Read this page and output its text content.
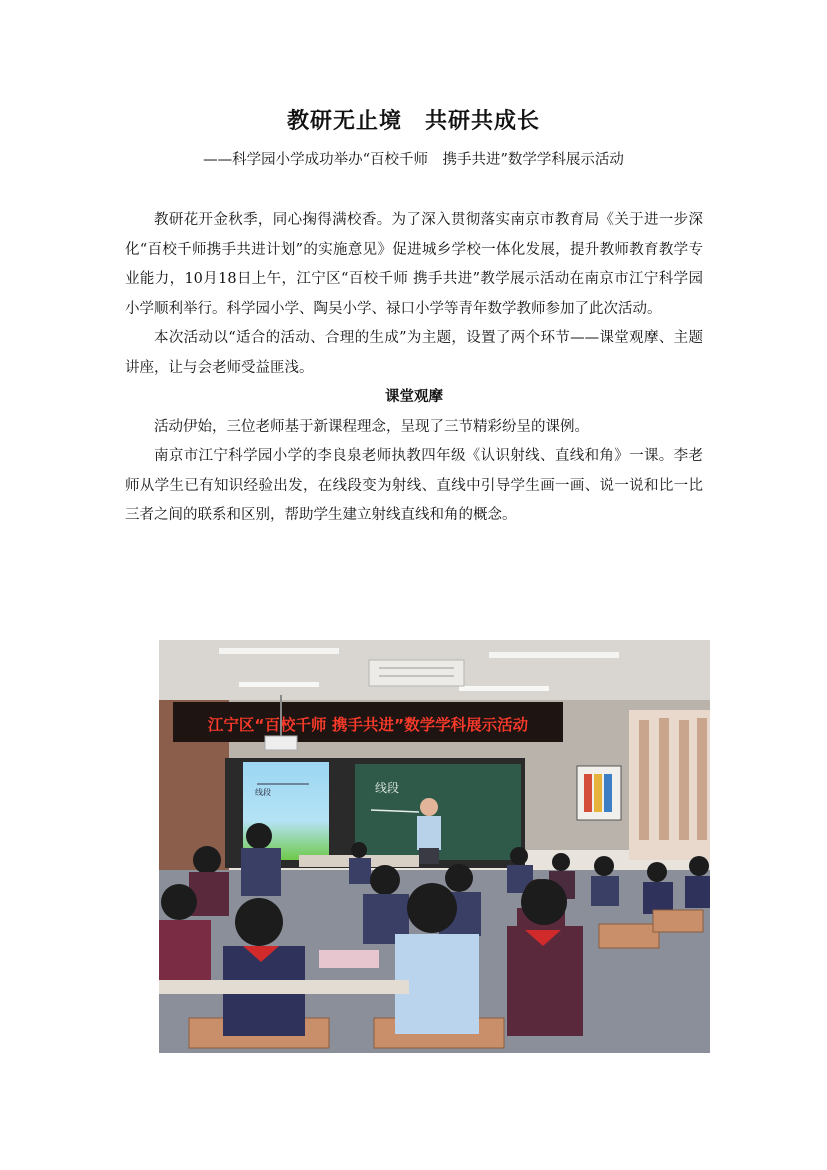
教研无止境　共研共成长
——科学园小学成功举办“百校千师　携手共进”数学学科展示活动

教研花开金秋季，同心掬得满校香。为了深入贯彻落实南京市教育局《关于进一步深化“百校千师携手共进计划”的实施意见》促进城乡学校一体化发展，提升教师教育教学专业能力，10月18日上午，江宁区“百校千师 携手共进”教学展示活动在南京市江宁科学园小学顺利举行。科学园小学、陶吴小学、禄口小学等青年数学教师参加了此次活动。

本次活动以“适合的活动、合理的生成”为主题，设置了两个环节——课堂观摩、主题讲座，让与会老师受益匪浅。

课堂观摩

活动伊始，三位老师基于新课程理念，呈现了三节精彩纷呈的课例。

南京市江宁科学园小学的李良泉老师执教四年级《认识射线、直线和角》一课。李老师从学生已有知识经验出发，在线段变为射线、直线中引导学生画一画、说一说和比一比三者之间的联系和区别，帮助学生建立射线直线和角的概念。

江宁区“百校千师 携手共进”数学学科展示活动
线段	线段
